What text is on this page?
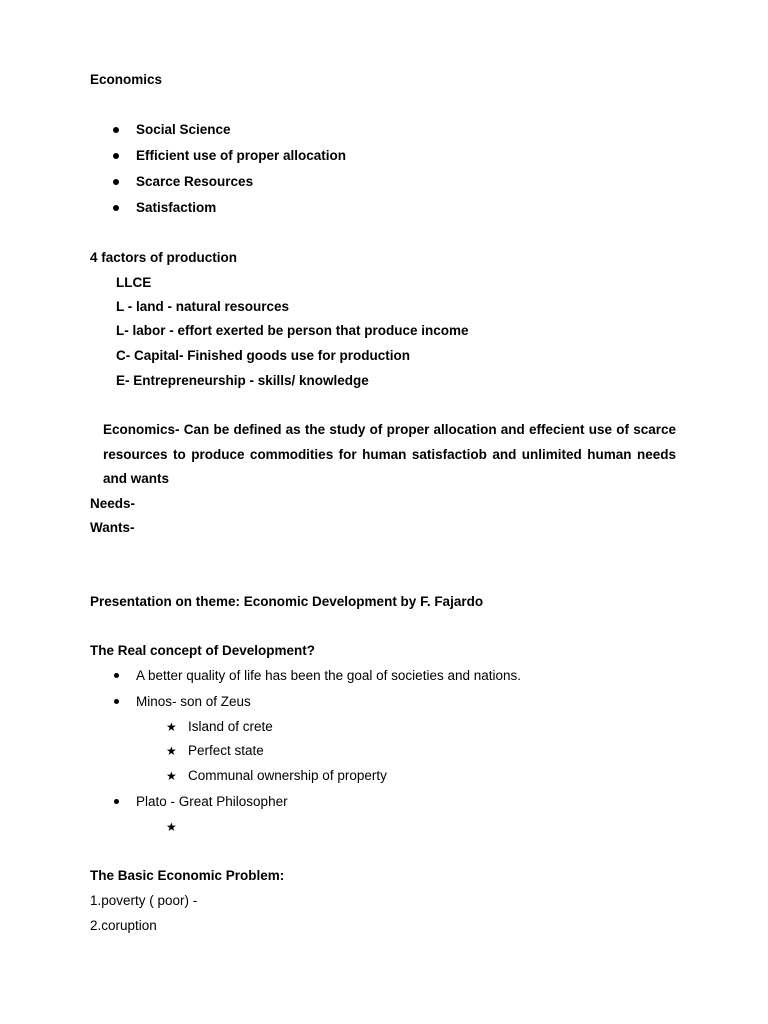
Economics
Social Science
Efficient use of proper allocation
Scarce Resources
Satisfactiom
4 factors of production
LLCE
L - land - natural resources
L- labor - effort exerted be person that produce income
C- Capital- Finished goods use for production
E- Entrepreneurship - skills/ knowledge
Economics- Can be defined as the study of proper allocation and effecient use of scarce resources to produce commodities for human satisfactiob and unlimited human needs and wants
Needs-
Wants-
Presentation on theme: Economic Development by F. Fajardo
The Real concept of Development?
A better quality of life has been the goal of societies and nations.
Minos- son of Zeus
★ Island of crete
★ Perfect state
★ Communal ownership of property
Plato - Great Philosopher
★
The Basic Economic Problem:
1.poverty ( poor) -
2.coruption
